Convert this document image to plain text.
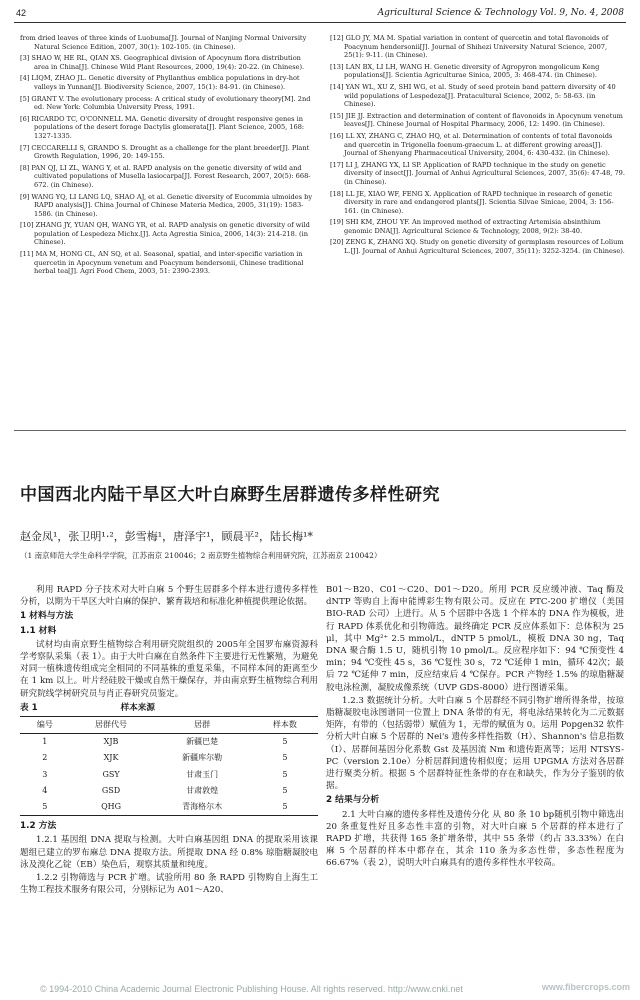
42	Agricultural Science & Technology Vol. 9, No. 4, 2008

from dried leaves of three kinds of Luobuma[J]. Journal of Nanjing Normal University Natural Science Edition, 2007, 30(1): 102-105. (in Chinese).

[3] SHAO W, HE RL, QIAN XS. Geographical division of Apocynum flora distribution area in China[J]. Chinese Wild Plant Resources, 2000, 19(4): 20-22. (in Chinese).

[4] LIQM, ZHAO JL. Genetic diversity of Phyllanthus emblica populations in dry-hot valleys in Yunnan[J]. Biodiversity Science, 2007, 15(1): 84-91. (in Chinese).

[5] GRANT V. The evolutionary process: A critical study of evolutionary theory[M]. 2nd ed. New York: Columbia University Press, 1991.

[6] RICARDO TC, O'CONNELL MA. Genetic diversity of drought responsive genes in populations of the desert forage Dactylis glomerata[J]. Plant Science, 2005, 168: 1327-1335.

[7] CECCARELLI S, GRANDO S. Drought as a challenge for the plant breeder[J]. Plant Growth Regulation, 1996, 20: 149-155.

[8] PAN QJ, LI ZL, WANG Y, et al. RAPD analysis on the genetic diversity of wild and cultivated populations of Musella lasiocarpa[J]. Forest Research, 2007, 20(5): 668-672. (in Chinese).

[9] WANG YQ, LI LANG LQ, SHAO AJ, et al. Genetic diversity of Eucommia ulmoides by RAPD analysis[J]. China Journal of Chinese Materia Medica, 2005, 31(19): 1583-1586. (in Chinese).

[10] ZHANG JY, YUAN QH, WANG YR, et al. RAPD analysis on genetic diversity of wild population of Lespedeza Michx.[J]. Acta Agrestia Sinica, 2006, 14(3): 214-218. (in Chinese).

[11] MA M, HONG CL, AN SQ, et al. Seasonal, spatial, and inter-specific variation in quercetin in Apocynum venetum and Poacynum hendersonii, Chinese traditional herbal tea[J]. Agri Food Chem, 2003, 51: 2390-2393.

[12] GLO JY, MA M. Spatial variation in content of quercetin and total flavonoids of Poacynum hendersonii[J]. Journal of Shihezi University Natural Science, 2007, 25(1): 9-11. (in Chinese).

[13] LAN BX, LI LH, WANG H. Genetic diversity of Agropyron mongolicum Keng populations[J]. Scientia Agriculturae Sinica, 2005, 3: 468-474. (in Chinese).

[14] YAN WL, XU Z, SHI WG, et al. Study of seed protein band pattern diversity of 40 wild populations of Lespedeza[J]. Pratacultural Science, 2002, 5: 58-63. (in Chinese).

[15] JIE JJ. Extraction and determination of content of flavonoids in Apocynum venetum leaves[J]. Chinese Journal of Hospital Pharmacy, 2006, 12: 1490. (in Chinese).

[16] LL XY, ZHANG C, ZHAO HQ, et al. Determination of contents of total flavonoids and quercetin in Trigonella foenum-graecum L. at different growing areas[J]. Journal of Shenyang Pharmaceutical University, 2004, 6: 430-432. (in Chinese).

[17] LI J, ZHANG YX, LI SP. Application of RAPD technique in the study on genetic diversity of insect[J]. Journal of Anhui Agricultural Sciences, 2007, 35(6): 47-48, 79. (in Chinese).

[18] LL JE, XIAO WF, FENG X. Application of RAPD technique in research of genetic diversity in rare and endangered plants[J]. Scientia Silvae Sinicae, 2004, 3: 156-161. (in Chinese).

[19] SHI KM, ZHOU YF. An improved method of extracting Artemisia absinthium genomic DNA[J]. Agricultural Science & Technology, 2008, 9(2): 38-40.

[20] ZENG K, ZHANG XQ. Study on genetic diversity of germplasm resources of Lolium L.[J]. Journal of Anhui Agricultural Sciences, 2007, 35(11): 3252-3254. (in Chinese).

中国西北内陆干旱区大叶白麻野生居群遗传多样性研究
赵金凤¹，张卫明¹·²，彭雪梅¹，唐泽宇¹，顾晨平²，陆长梅¹*
（1 南京师范大学生命科学学院，江苏南京 210046；2 南京野生植物综合利用研究院，江苏南京 210042）

利用 RAPD 分子技术对大叶白麻 5 个野生居群多个样本进行遗传多样性分析，以期为干旱区大叶白麻的保护、繁育栽培和标准化种植提供理论依据。

1 材料与方法
1.1 材料

试材均由南京野生植物综合利用研究院组织的 2005年全国罗布麻资源科学考察队采集（表 1）。由于大叶白麻在自然条件下主要进行无性繁殖，为避免对同一植株遗传组成完全相同的不同基株的重复采集，不同样本间的距离至少在 1 km 以上。叶片经硅胶干燥或自然干燥保存，并由南京野生植物综合利用研究院线学树研究员与肖正春研究员鉴定。

表 1	样本来源
编号	居群代号	居群	样本数
1	XJB	新疆巴楚	5
2	XJK	新疆库尔勒	5
3	GSY	甘肃玉门	5
4	GSD	甘肃敦煌	5
5	QHG	青海格尔木	5
1.2 方法

1.2.1 基因组 DNA 提取与检测。大叶白麻基因组 DNA 的提取采用该课题组已建立的罗布麻总 DNA 提取方法。所提取 DNA 经 0.8% 琼脂糖凝胶电泳及溴化乙锭（EB）染色后，观察其质量和纯度。

1.2.2 引物筛选与 PCR 扩增。试验所用 80 条 RAPD 引物购自上海生工生物工程技术服务有限公司，分别标记为 A01～A20、

B01～B20、C01～C20、D01～D20。所用 PCR 反应缓冲液、Taq 酶及 dNTP 等购自上海申能博彩生物有限公司。反应在 PTC-200 扩增仪（美国 BIO-RAD 公司）上进行。从 5 个居群中各选 1 个样本的 DNA 作为模板，进行 RAPD 体系优化和引物筛选。最终确定 PCR 反应体系如下：总体积为 25 μl，其中 Mg²⁺ 2.5 mmol/L，dNTP 5 pmol/L，模板 DNA 30 ng，Taq DNA 聚合酶 1.5 U，随机引物 10 pmol/L。反应程序如下：94 ℃预变性 4 min；94 ℃变性 45 s，36 ℃复性 30 s，72 ℃延伸 1 min，循环 42次；最后 72 ℃延伸 7 min，反应结束后 4 ℃保存。PCR 产物经 1.5% 的琼脂糖凝胶电泳检测，凝胶成像系统（UVP GDS-8000）进行图谱采集。

1.2.3 数据统计分析。大叶白麻 5 个居群经不同引物扩增所得条带，按琼脂糖凝胶电泳图谱同一位置上 DNA 条带的有无，将电泳结果转化为二元数据矩阵，有带的（包括弱带）赋值为 1，无带的赋值为 0。运用 Popgen32 软件分析大叶白麻 5 个居群的 Nei's 遗传多样性指数（H）、Shannon's 信息指数（I）、居群间基因分化系数 Gst 及基因流 Nm 和遗传距离等；运用 NTSYS-PC（version 2.10e）分析居群间遗传相似度；运用 UPGMA 方法对各居群进行聚类分析。根据 5 个居群特征性条带的存在和缺失，作为分子鉴别的依据。

2 结果与分析

2.1 大叶白麻的遗传多样性及遗传分化 从 80 条 10 bp随机引物中筛选出 20 条重复性好且多态性丰富的引物，对大叶白麻 5 个居群的样本进行了 RAPD 扩增，共获得 165 条扩增条带，其中 55 条带（约占 33.33%）在白麻 5 个居群的样本中都存在，其余 110 条为多态性带，多态性程度为 66.67%（表 2），说明大叶白麻具有的遗传多样性水平较高。

© 1994-2010 China Academic Journal Electronic Publishing House. All rights reserved. http://www.cnki.net	www.fibercrops.com
